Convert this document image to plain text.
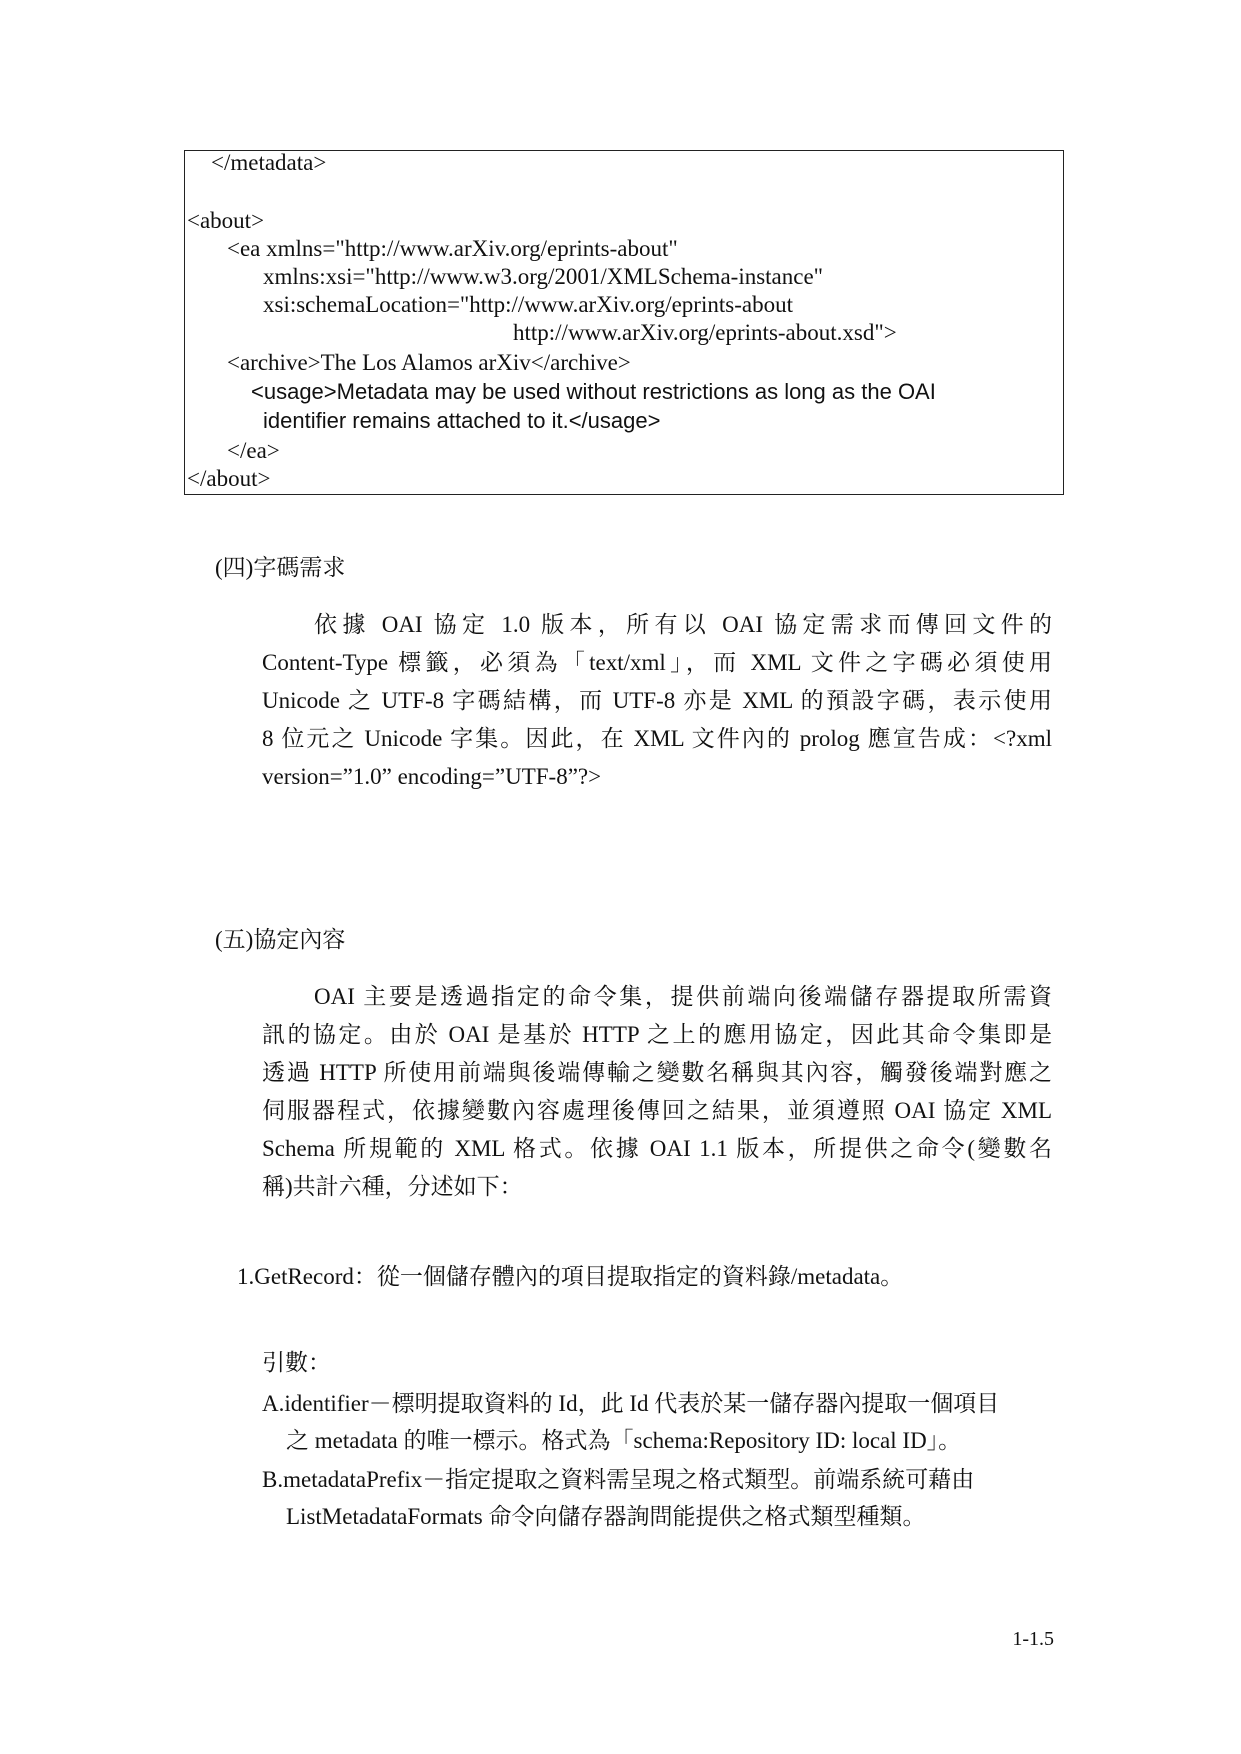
</metadata>
<about>
<ea xmlns="http://www.arXiv.org/eprints-about"
xmlns:xsi="http://www.w3.org/2001/XMLSchema-instance"
xsi:schemaLocation="http://www.arXiv.org/eprints-about
http://www.arXiv.org/eprints-about.xsd">
<archive>The Los Alamos arXiv</archive>
<usage>Metadata may be used without restrictions as long as the OAI
identifier remains attached to it.</usage>
</ea>
</about>
(四)字碼需求
依據 OAI 協定 1.0 版本，所有以 OAI 協定需求而傳回文件的
Content-Type 標籤，必須為「text/xml」，而 XML 文件之字碼必須使用
Unicode 之 UTF-8 字碼結構，而 UTF-8 亦是 XML 的預設字碼，表示使用
8 位元之 Unicode 字集。因此，在 XML 文件內的 prolog 應宣告成：<?xml
version=”1.0” encoding=”UTF-8”?>
(五)協定內容
OAI 主要是透過指定的命令集，提供前端向後端儲存器提取所需資
訊的協定。由於 OAI 是基於 HTTP 之上的應用協定，因此其命令集即是
透過 HTTP 所使用前端與後端傳輸之變數名稱與其內容，觸發後端對應之
伺服器程式，依據變數內容處理後傳回之結果，並須遵照 OAI 協定 XML
Schema 所規範的 XML 格式。依據 OAI 1.1 版本，所提供之命令(變數名
稱)共計六種，分述如下：
1.GetRecord：從一個儲存體內的項目提取指定的資料錄/metadata。
引數：
A.identifier－標明提取資料的 Id，此 Id 代表於某一儲存器內提取一個項目
之 metadata 的唯一標示。格式為「schema:Repository ID: local ID」。
B.metadataPrefix－指定提取之資料需呈現之格式類型。前端系統可藉由
ListMetadataFormats 命令向儲存器詢問能提供之格式類型種類。
1-1.5
